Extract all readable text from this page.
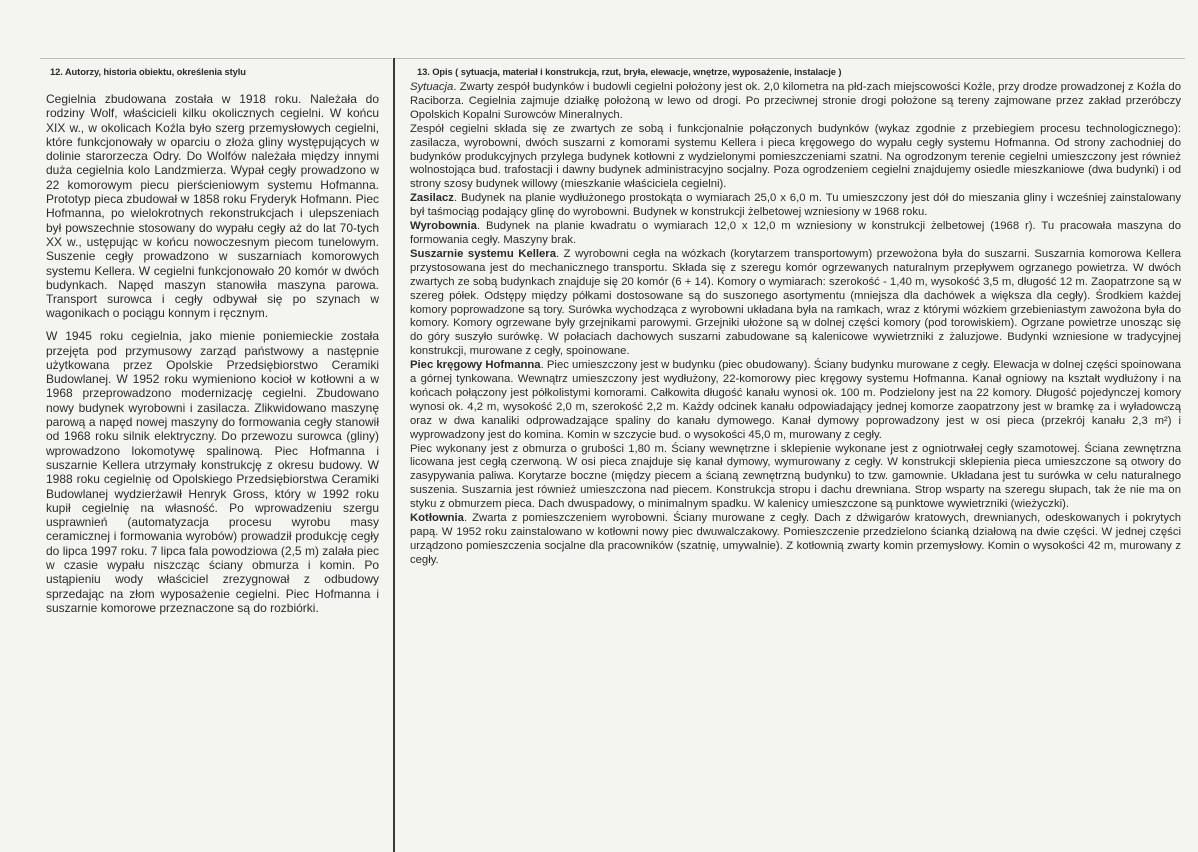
12. Autorzy, historia obiektu, określenia stylu

Cegielnia zbudowana została w 1918 roku. Należała do rodziny Wolf, właścicieli kilku okolicznych cegielni. W końcu XIX w., w okolicach Koźla było szerg przemysłowych cegielni, które funkcjonowały w oparciu o złoża gliny występujących w dolinie starorzecza Odry. Do Wolfów należała między innymi duża cegielnia kolo Landzmierza. Wypał cegły prowadzono w 22 komorowym piecu pierścieniowym systemu Hofmanna. Prototyp pieca zbudował w 1858 roku Fryderyk Hofmann. Piec Hofmanna, po wielokrotnych rekonstrukcjach i ulepszeniach był powszechnie stosowany do wypału cegły aż do lat 70-tych XX w., ustępując w końcu nowoczesnym piecom tunelowym. Suszenie cegły prowadzono w suszarniach komorowych systemu Kellera. W cegielni funkcjonowało 20 komór w dwóch budynkach. Napęd maszyn stanowiła maszyna parowa. Transport surowca i cegły odbywał się po szynach w wagonikach o pociągu konnym i ręcznym.

W 1945 roku cegielnia, jako mienie poniemieckie została przejęta pod przymusowy zarząd państwowy a następnie użytkowana przez Opolskie Przedsiębiorstwo Ceramiki Budowlanej. W 1952 roku wymieniono kocioł w kotłowni a w 1968 przeprowadzono modernizację cegielni. Zbudowano nowy budynek wyrobowni i zasilacza. Zlikwidowano maszynę parową a napęd nowej maszyny do formowania cegły stanowił od 1968 roku silnik elektryczny. Do przewozu surowca (gliny) wprowadzono lokomotywę spalinową. Piec Hofmanna i suszarnie Kellera utrzymały konstrukcję z okresu budowy. W 1988 roku cegielnię od Opolskiego Przedsiębiorstwa Ceramiki Budowlanej wydzierżawił Henryk Gross, który w 1992 roku kupił cegielnię na własność. Po wprowadzeniu szergu usprawnień (automatyzacja procesu wyrobu masy ceramicznej i formowania wyrobów) prowadził produkcję cegły do lipca 1997 roku. 7 lipca fala powodziowa (2,5 m) zalała piec w czasie wypału niszcząc ściany obmurza i komin. Po ustąpieniu wody właściciel zrezygnował z odbudowy sprzedając na złom wyposażenie cegielni. Piec Hofmanna i suszarnie komorowe przeznaczone są do rozbiórki.

13. Opis ( sytuacja, materiał i konstrukcja, rzut, bryła, elewacje, wnętrze, wyposażenie, instalacje )

Sytuacja. Zwarty zespół budynków i budowli cegielni położony jest ok. 2,0 kilometra na płd-zach miejscowości Koźle, przy drodze prowadzonej z Koźla do Raciborza. Cegielnia zajmuje działkę położoną w lewo od drogi. Po przeciwnej stronie drogi położone są tereny zajmowane przez zakład przeróbczy Opolskich Kopalni Surowców Mineralnych.

Zespół cegielni składa się ze zwartych ze sobą i funkcjonalnie połączonych budynków (wykaz zgodnie z przebiegiem procesu technologicznego): zasilacza, wyrobowni, dwóch suszarni z komorami systemu Kellera i pieca kręgowego do wypału cegły systemu Hofmanna. Od strony zachodniej do budynków produkcyjnych przylega budynek kotłowni z wydzielonymi pomieszczeniami szatni. Na ogrodzonym terenie cegielni umieszczony jest również wolnostojąca bud. trafostacji i dawny budynek administracyjno socjalny. Poza ogrodzeniem cegielni znajdujemy osiedle mieszkaniowe (dwa budynki) i od strony szosy budynek willowy (mieszkanie właściciela cegielni).

Zasilacz. Budynek na planie wydłużonego prostokąta o wymiarach 25,0 x 6,0 m. Tu umieszczony jest dół do mieszania gliny i wcześniej zainstalowany był taśmociąg podający glinę do wyrobowni. Budynek w konstrukcji żelbetowej wzniesiony w 1968 roku.

Wyrobownia. Budynek na planie kwadratu o wymiarach 12,0 x 12,0 m wzniesiony w konstrukcji żelbetowej (1968 r). Tu pracowała maszyna do formowania cegły. Maszyny brak.

Suszarnie systemu Kellera. Z wyrobowni cegła na wózkach (korytarzem transportowym) przewożona była do suszarni. Suszarnia komorowa Kellera przystosowana jest do mechanicznego transportu. Składa się z szeregu komór ogrzewanych naturalnym przepływem ogrzanego powietrza. W dwóch zwartych ze sobą budynkach znajduje się 20 komór (6 + 14). Komory o wymiarach: szerokość - 1,40 m, wysokość 3,5 m, długość 12 m. Zaopatrzone są w szereg półek. Odstępy między półkami dostosowane są do suszonego asortymentu (mniejsza dla dachówek a większa dla cegły). Środkiem każdej komory poprowadzone są tory. Surówka wychodząca z wyrobowni układana była na ramkach, wraz z którymi wózkiem grzebieniastym zawożona była do komory. Komory ogrzewane były grzejnikami parowymi. Grzejniki ułożone są w dolnej części komory (pod torowiskiem). Ogrzane powietrze unosząc się do góry suszyło surówkę. W połaciach dachowych suszarni zabudowane są kalenicowe wywietrzniki z żaluzjowe. Budynki wzniesione w tradycyjnej konstrukcji, murowane z cegły, spoinowane.

Piec kręgowy Hofmanna. Piec umieszczony jest w budynku (piec obudowany). Ściany budynku murowane z cegły. Elewacja w dolnej części spoinowana a górnej tynkowana. Wewnątrz umieszczony jest wydłużony, 22-komorowy piec kręgowy systemu Hofmanna. Kanał ogniowy na kształt wydłużony i na końcach połączony jest półkolistymi komorami. Całkowita długość kanału wynosi ok. 100 m. Podzielony jest na 22 komory. Długość pojedynczej komory wynosi ok. 4,2 m, wysokość 2,0 m, szerokość 2,2 m. Każdy odcinek kanału odpowiadający jednej komorze zaopatrzony jest w bramkę za i wyładowczą oraz w dwa kanaliki odprowadzające spaliny do kanału dymowego. Kanał dymowy poprowadzony jest w osi pieca (przekrój kanału 2,3 m²) i wyprowadzony jest do komina. Komin w szczycie bud. o wysokości 45,0 m, murowany z cegły.

Piec wykonany jest z obmurza o grubości 1,80 m. Ściany wewnętrzne i sklepienie wykonane jest z ogniotrwałej cegły szamotowej. Ściana zewnętrzna licowana jest cegłą czerwoną. W osi pieca znajduje się kanał dymowy, wymurowany z cegły. W konstrukcji sklepienia pieca umieszczone są otwory do zasypywania paliwa. Korytarze boczne (między piecem a ścianą zewnętrzną budynku) to tzw. gamownie. Układana jest tu surówka w celu naturalnego suszenia. Suszarnia jest również umieszczona nad piecem. Konstrukcja stropu i dachu drewniana. Strop wsparty na szeregu słupach, tak że nie ma on styku z obmurzem pieca. Dach dwuspadowy, o minimalnym spadku. W kalenicy umieszczone są punktowe wywietrzniki (wieżyczki).

Kotłownia. Zwarta z pomieszczeniem wyrobowni. Ściany murowane z cegły. Dach z dźwigarów kratowych, drewnianych, odeskowanych i pokrytych papą. W 1952 roku zainstalowano w kotłowni nowy piec dwuwalczakowy. Pomieszczenie przedzielono ścianką działową na dwie części. W jednej części urządzono pomieszczenia socjalne dla pracowników (szatnię, umywalnie). Z kotłownią zwarty komin przemysłowy. Komin o wysokości 42 m, murowany z cegły.
